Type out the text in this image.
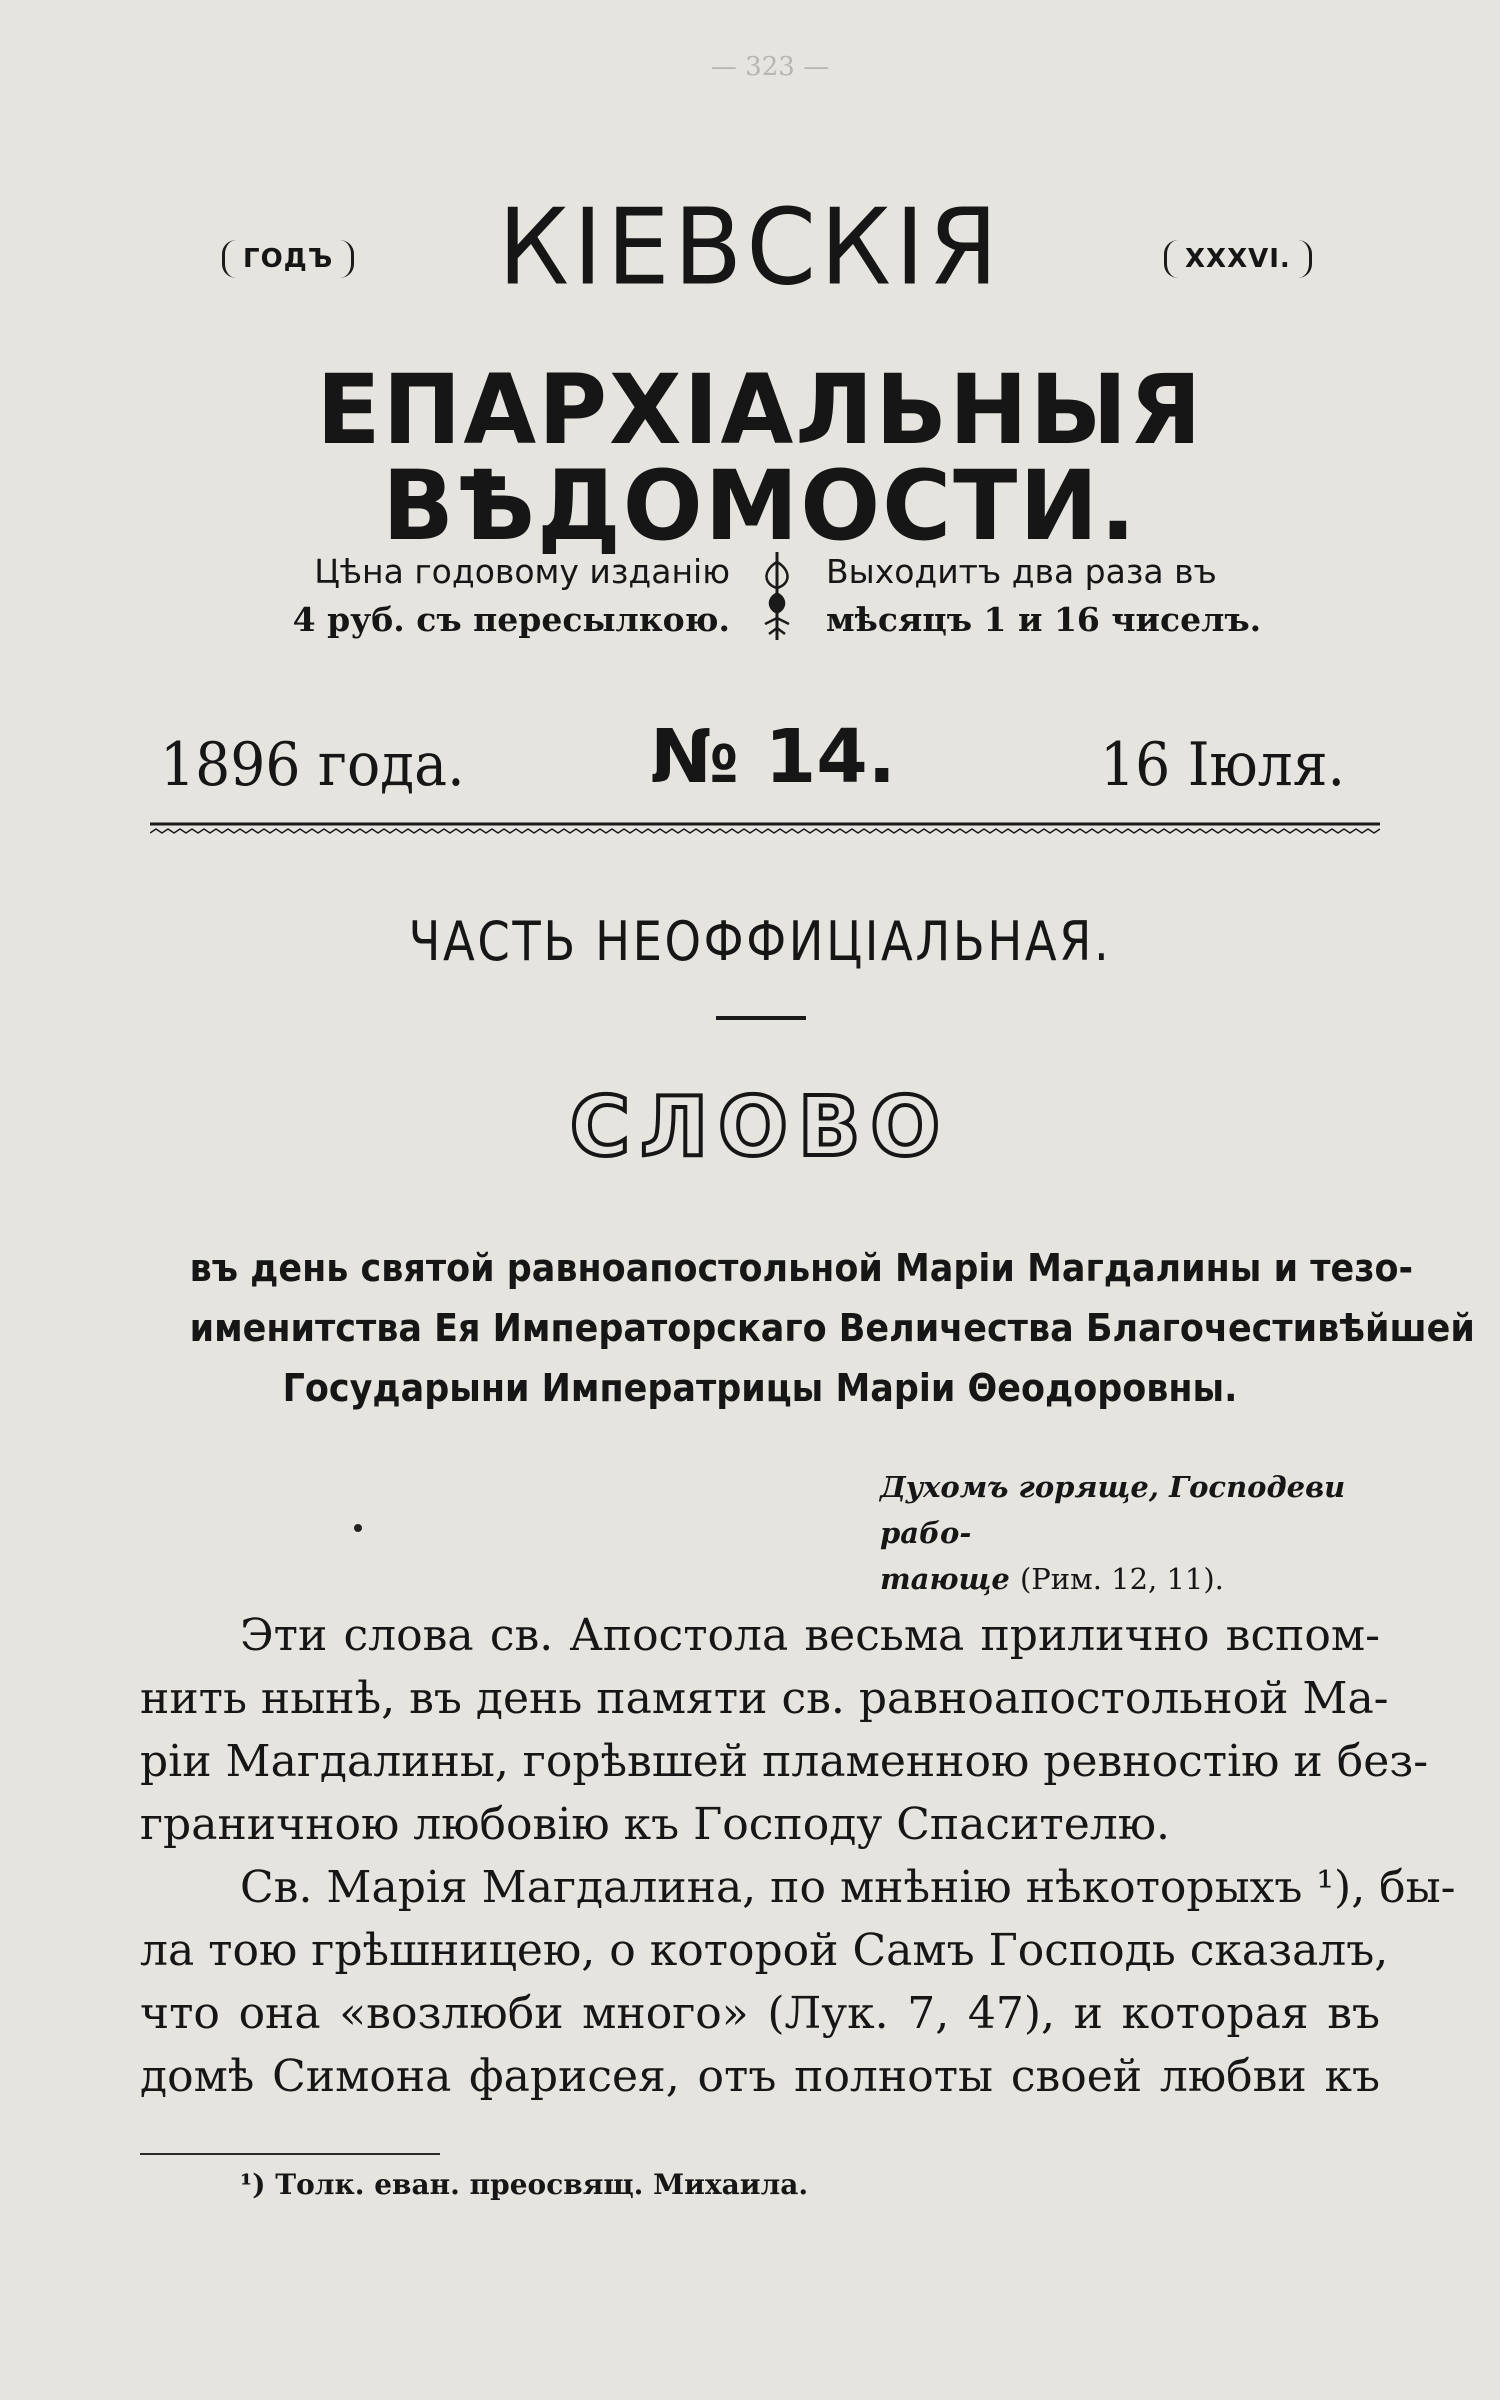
— 323 —
ГОДЪ	КІЕВСКІЯ	XXXVI.
ЕПАРХІАЛЬНЫЯ ВѢДОМОСТИ.
Цѣна годовому изданію
4 руб. съ пересылкою.
Выходитъ два раза въ
мѣсяцъ 1 и 16 чиселъ.
1896 года.	№ 14.	16 Іюля.
ЧАСТЬ НЕОФФИЦІАЛЬНАЯ.
СЛОВО
въ день святой равноапостольной Маріи Магдалины и тезо-
именитства Ея Императорскаго Величества Благочестивѣйшей
Государыни Императрицы Маріи Θеодоровны.
Духомъ горяще, Господеви рабо-
тающе (Рим. 12, 11).
Эти слова св. Апостола весьма прилично вспом-
нить нынѣ, въ день памяти св. равноапостольной Ма-
ріи Магдалины, горѣвшей пламенною ревностію и без-
граничною любовію къ Господу Спасителю.
Св. Марія Магдалина, по мнѣнію нѣкоторыхъ ¹), бы-
ла тою грѣшницею, о которой Самъ Господь сказалъ,
что она «возлюби много» (Лук. 7, 47), и которая въ
домѣ Симона фарисея, отъ полноты своей любви къ
¹) Толк. еван. преосвящ. Михаила.
